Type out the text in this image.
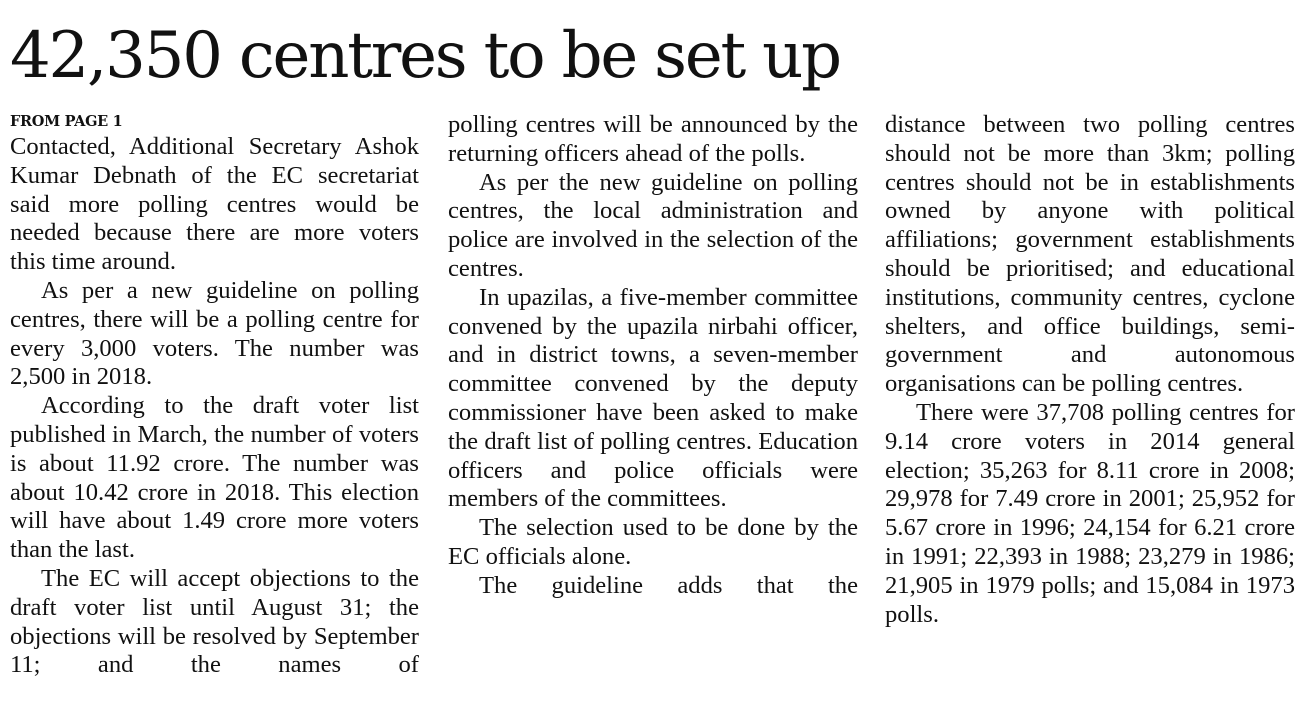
42,350 centres to be set up
FROM PAGE 1

Contacted, Additional Secretary Ashok Kumar Debnath of the EC secretariat said more polling centres would be needed because there are more voters this time around.

As per a new guideline on polling centres, there will be a polling centre for every 3,000 voters. The number was 2,500 in 2018.

According to the draft voter list published in March, the number of voters is about 11.92 crore. The number was about 10.42 crore in 2018. This election will have about 1.49 crore more voters than the last.

The EC will accept objections to the draft voter list until August 31; the objections will be resolved by September 11; and the names of

polling centres will be announced by the returning officers ahead of the polls.

As per the new guideline on polling centres, the local administration and police are involved in the selection of the centres.

In upazilas, a five-member committee convened by the upazila nirbahi officer, and in district towns, a seven-member committee convened by the deputy commissioner have been asked to make the draft list of polling centres. Education officers and police officials were members of the committees.

The selection used to be done by the EC officials alone.

The guideline adds that the

distance between two polling centres should not be more than 3km; polling centres should not be in establishments owned by anyone with political affiliations; government establishments should be prioritised; and educational institutions, community centres, cyclone shelters, and office buildings, semi-government and autonomous organisations can be polling centres.

There were 37,708 polling centres for 9.14 crore voters in 2014 general election; 35,263 for 8.11 crore in 2008; 29,978 for 7.49 crore in 2001; 25,952 for 5.67 crore in 1996; 24,154 for 6.21 crore in 1991; 22,393 in 1988; 23,279 in 1986; 21,905 in 1979 polls; and 15,084 in 1973 polls.
